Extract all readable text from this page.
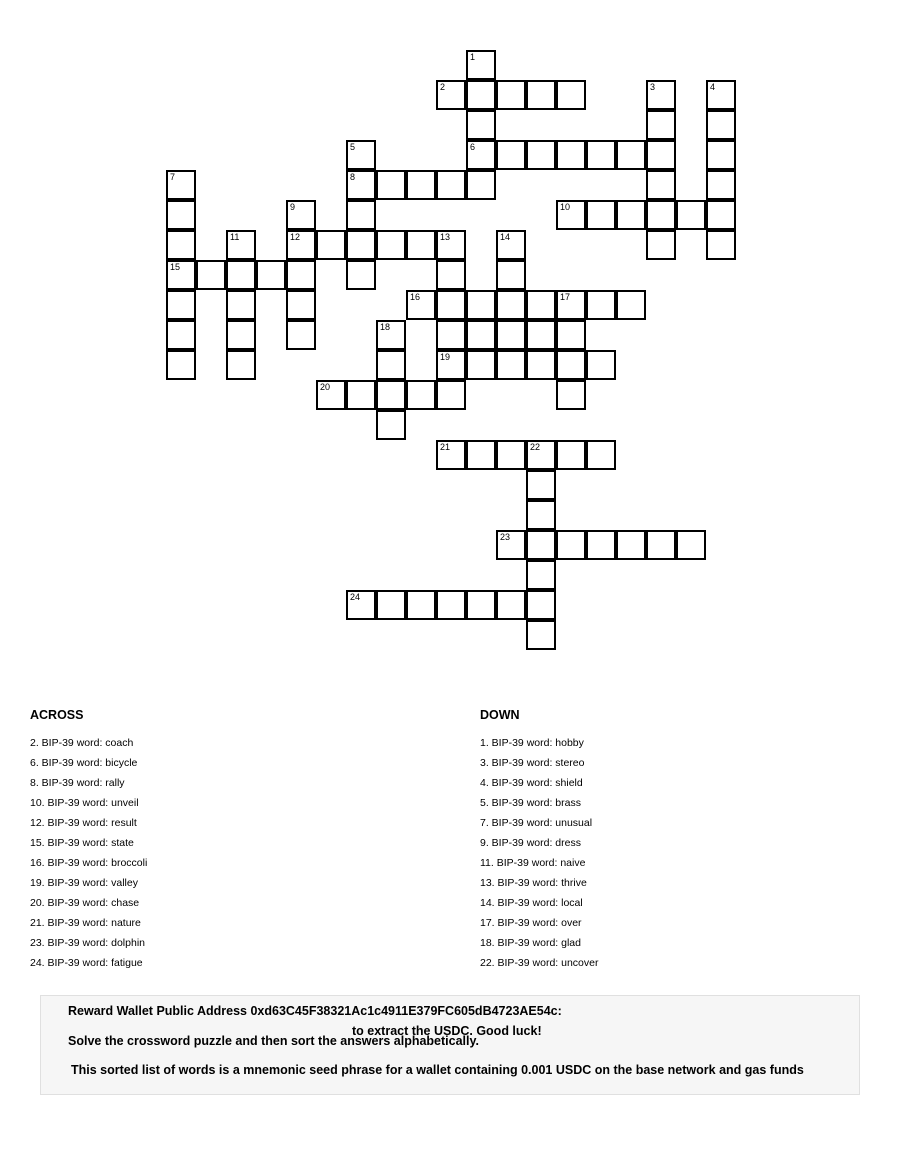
1
2	3	4
5	6
7	8
9	10
11	12	13	14
15
16	17
18
19
20
21	22
23
24
ACROSS
2. BIP-39 word: coach
6. BIP-39 word: bicycle
8. BIP-39 word: rally
10. BIP-39 word: unveil
12. BIP-39 word: result
15. BIP-39 word: state
16. BIP-39 word: broccoli
19. BIP-39 word: valley
20. BIP-39 word: chase
21. BIP-39 word: nature
23. BIP-39 word: dolphin
24. BIP-39 word: fatigue
DOWN
1. BIP-39 word: hobby
3. BIP-39 word: stereo
4. BIP-39 word: shield
5. BIP-39 word: brass
7. BIP-39 word: unusual
9. BIP-39 word: dress
11. BIP-39 word: naive
13. BIP-39 word: thrive
14. BIP-39 word: local
17. BIP-39 word: over
18. BIP-39 word: glad
22. BIP-39 word: uncover
Reward Wallet Public Address 0xd63C45F38321Ac1c4911E379FC605dB4723AE54c:
Solve the crossword puzzle and then sort the answers alphabetically.
to extract the USDC. Good luck!
This sorted list of words is a mnemonic seed phrase for a wallet containing 0.001 USDC on the base network and gas funds
